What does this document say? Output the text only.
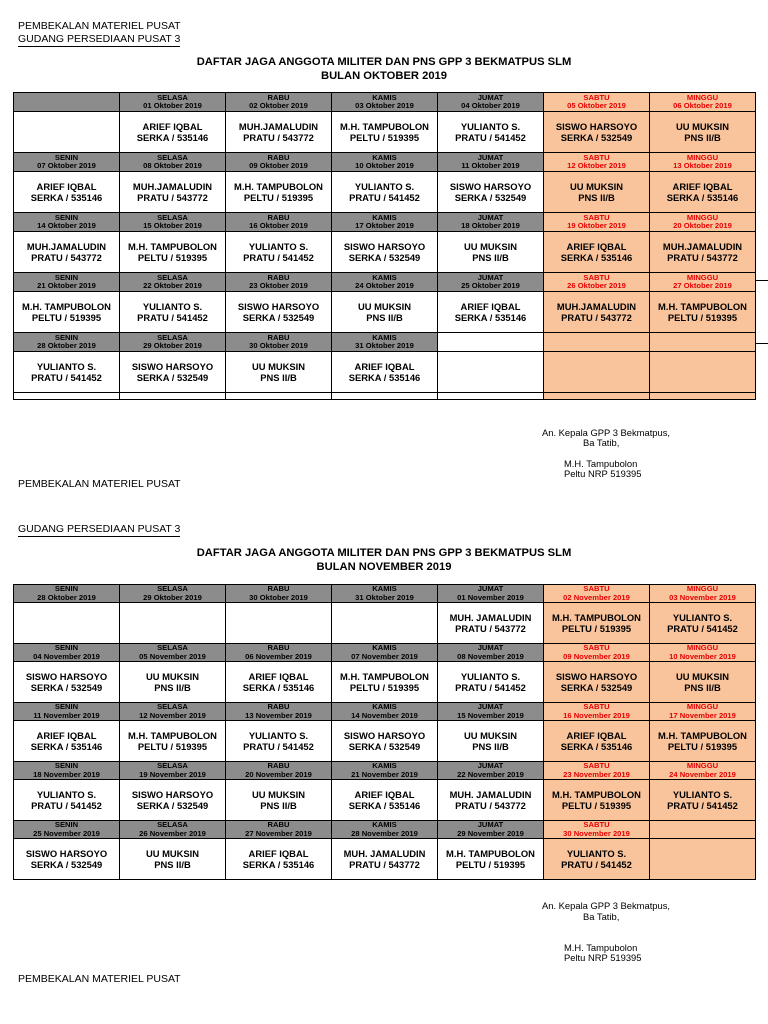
PEMBEKALAN MATERIEL PUSAT
GUDANG PERSEDIAAN PUSAT 3
DAFTAR JAGA ANGGOTA MILITER DAN PNS GPP 3 BEKMATPUS SLM
BULAN OKTOBER 2019

	SELASA
01 Oktober 2019	RABU
02 Oktober 2019	KAMIS
03 Oktober 2019	JUMAT
04 Oktober 2019	SABTU
05 Oktober 2019	MINGGU
06 Oktober 2019

	ARIEF IQBAL
SERKA / 535146	MUH.JAMALUDIN
PRATU / 543772	M.H. TAMPUBOLON
PELTU / 519395	YULIANTO S.
PRATU / 541452	SISWO HARSOYO
SERKA / 532549	UU MUKSIN
PNS II/B

SENIN
07 Oktober 2019	SELASA
08 Oktober 2019	RABU
09 Oktober 2019	KAMIS
10 Oktober 2019	JUMAT
11 Oktober 2019	SABTU
12 Oktober 2019	MINGGU
13 Oktober 2019

ARIEF IQBAL
SERKA / 535146	MUH.JAMALUDIN
PRATU / 543772	M.H. TAMPUBOLON
PELTU / 519395	YULIANTO S.
PRATU / 541452	SISWO HARSOYO
SERKA / 532549	UU MUKSIN
PNS II/B	ARIEF IQBAL
SERKA / 535146

SENIN
14 Oktober 2019	SELASA
15 Oktober 2019	RABU
16 Oktober 2019	KAMIS
17 Oktober 2019	JUMAT
18 Oktober 2019	SABTU
19 Oktober 2019	MINGGU
20 Oktober 2019

MUH.JAMALUDIN
PRATU / 543772	M.H. TAMPUBOLON
PELTU / 519395	YULIANTO S.
PRATU / 541452	SISWO HARSOYO
SERKA / 532549	UU MUKSIN
PNS II/B	ARIEF IQBAL
SERKA / 535146	MUH.JAMALUDIN
PRATU / 543772

SENIN
21 Oktober 2019	SELASA
22 Oktober 2019	RABU
23 Oktober 2019	KAMIS
24 Oktober 2019	JUMAT
25 Oktober 2019	SABTU
26 Oktober 2019	MINGGU
27 Oktober 2019

M.H. TAMPUBOLON
PELTU / 519395	YULIANTO S.
PRATU / 541452	SISWO HARSOYO
SERKA / 532549	UU MUKSIN
PNS II/B	ARIEF IQBAL
SERKA / 535146	MUH.JAMALUDIN
PRATU / 543772	M.H. TAMPUBOLON
PELTU / 519395

SENIN
28 Oktober 2019	SELASA
29 Oktober 2019	RABU
30 Oktober 2019	KAMIS
31 Oktober 2019			

YULIANTO S.
PRATU / 541452	SISWO HARSOYO
SERKA / 532549	UU MUKSIN
PNS II/B	ARIEF IQBAL
SERKA / 535146			

An. Kepala GPP 3 Bekmatpus,
Ba Tatib,
M.H. Tampubolon
Peltu NRP 519395
PEMBEKALAN MATERIEL PUSAT
GUDANG PERSEDIAAN PUSAT 3
DAFTAR JAGA ANGGOTA MILITER DAN PNS GPP 3 BEKMATPUS SLM
BULAN NOVEMBER 2019
SENIN
28 Oktober 2019	SELASA
29 Oktober 2019	RABU
30 Oktober 2019	KAMIS
31 Oktober 2019	JUMAT
01 November 2019	SABTU
02 November 2019	MINGGU
03 November 2019

				MUH. JAMALUDIN
PRATU / 543772	M.H. TAMPUBOLON
PELTU / 519395	YULIANTO S.
PRATU / 541452

SENIN
04 November 2019	SELASA
05 November 2019	RABU
06 November 2019	KAMIS
07 November 2019	JUMAT
08 November 2019	SABTU
09 November 2019	MINGGU
10 November 2019

SISWO HARSOYO
SERKA / 532549	UU MUKSIN
PNS II/B	ARIEF IQBAL
SERKA / 535146	M.H. TAMPUBOLON
PELTU / 519395	YULIANTO S.
PRATU / 541452	SISWO HARSOYO
SERKA / 532549	UU MUKSIN
PNS II/B

SENIN
11 November 2019	SELASA
12 November 2019	RABU
13 November 2019	KAMIS
14 November 2019	JUMAT
15 November 2019	SABTU
16 November 2019	MINGGU
17 November 2019

ARIEF IQBAL
SERKA / 535146	M.H. TAMPUBOLON
PELTU / 519395	YULIANTO S.
PRATU / 541452	SISWO HARSOYO
SERKA / 532549	UU MUKSIN
PNS II/B	ARIEF IQBAL
SERKA / 535146	M.H. TAMPUBOLON
PELTU / 519395

SENIN
18 November 2019	SELASA
19 November 2019	RABU
20 November 2019	KAMIS
21 November 2019	JUMAT
22 November 2019	SABTU
23 November 2019	MINGGU
24 November 2019

YULIANTO S.
PRATU / 541452	SISWO HARSOYO
SERKA / 532549	UU MUKSIN
PNS II/B	ARIEF IQBAL
SERKA / 535146	MUH. JAMALUDIN
PRATU / 543772	M.H. TAMPUBOLON
PELTU / 519395	YULIANTO S.
PRATU / 541452

SENIN
25 November 2019	SELASA
26 November 2019	RABU
27 November 2019	KAMIS
28 November 2019	JUMAT
29 November 2019	SABTU
30 November 2019	

SISWO HARSOYO
SERKA / 532549	UU MUKSIN
PNS II/B	ARIEF IQBAL
SERKA / 535146	MUH. JAMALUDIN
PRATU / 543772	M.H. TAMPUBOLON
PELTU / 519395	YULIANTO S.
PRATU / 541452	

An. Kepala GPP 3 Bekmatpus,
Ba Tatib,
M.H. Tampubolon
Peltu NRP 519395
PEMBEKALAN MATERIEL PUSAT
